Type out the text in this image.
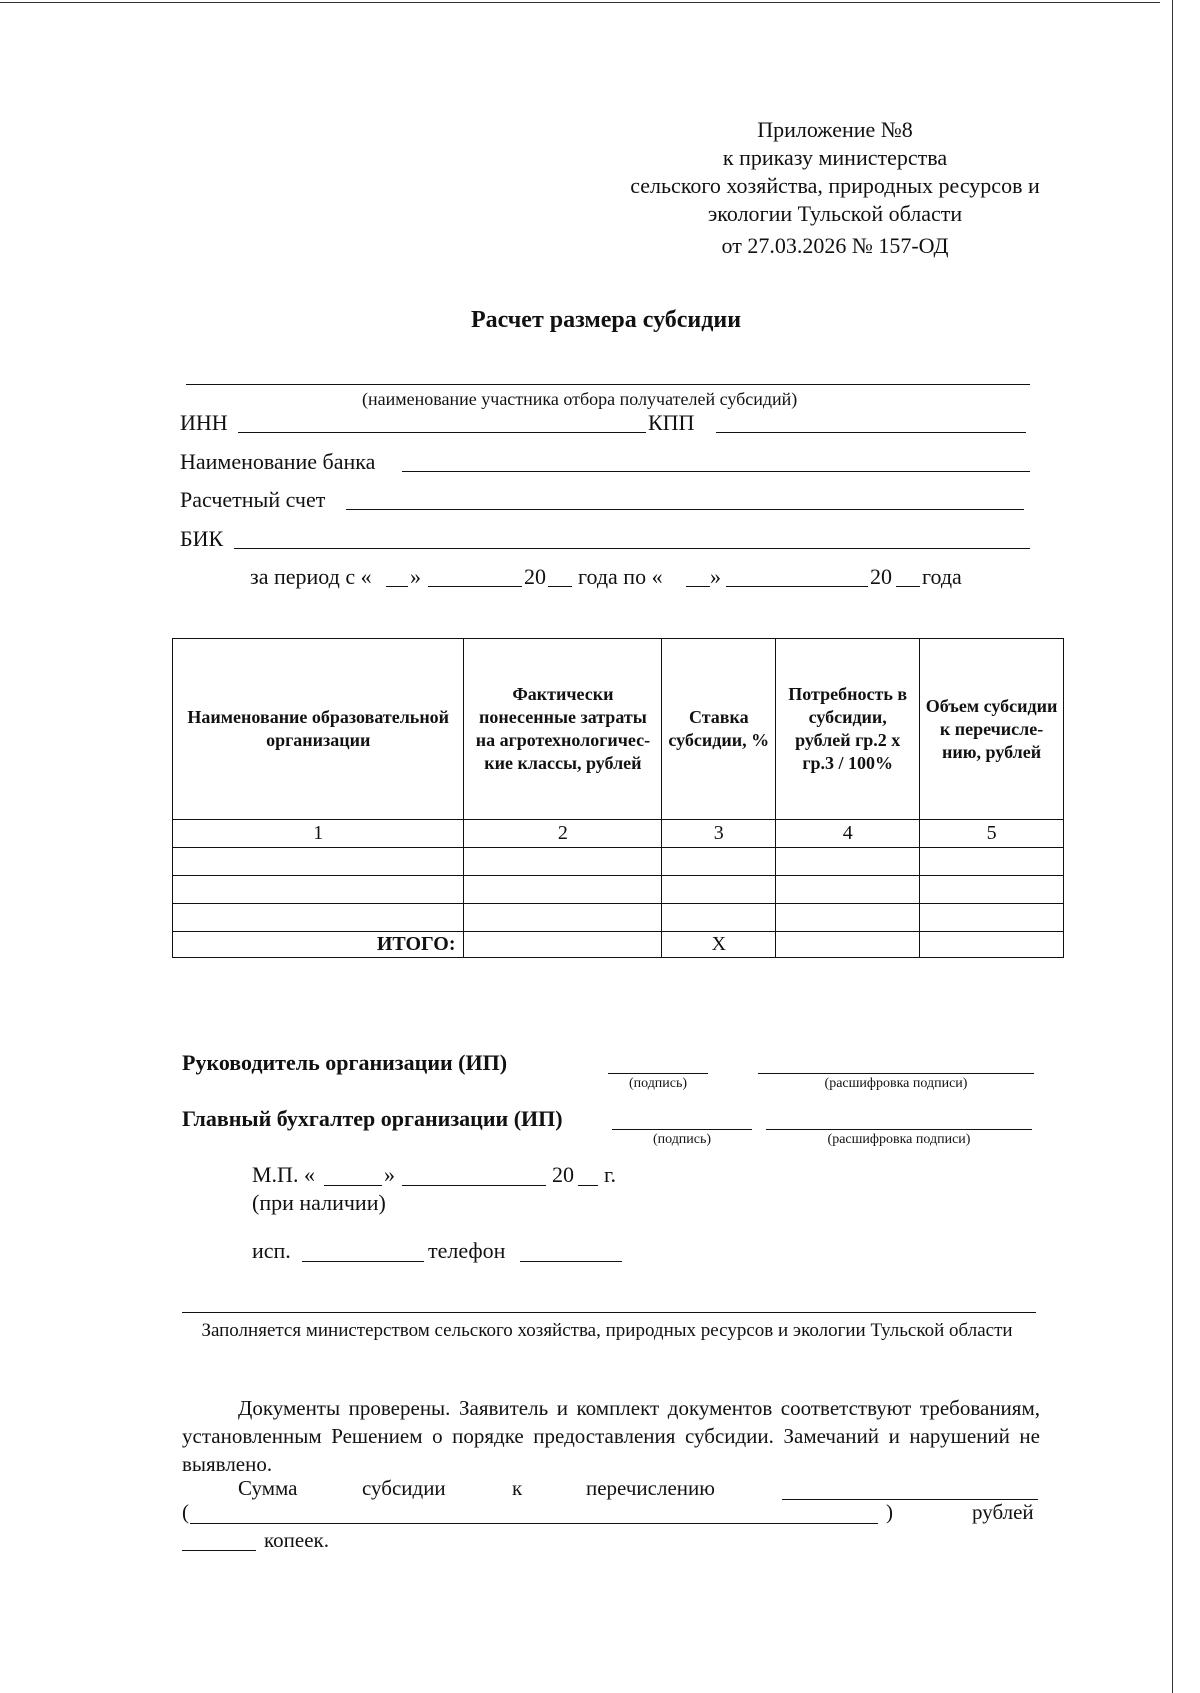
Приложение №8
к приказу министерства
сельского хозяйства, природных ресурсов и
экологии Тульской области
от 27.03.2026 № 157-ОД
Расчет размера субсидии
(наименование участника отбора получателей субсидий)
ИНН	КПП
Наименование банка
Расчетный счет
БИК
за период с « »	20 года по « »	20 года
Наименование образовательной организации	Фактически понесенные затраты на агротехнологичес-кие классы, рублей	Ставка субсидии, %	Потребность в субсидии, рублей гр.2 х гр.3 / 100%	Объем субсидии к перечисле-нию, рублей
1	2	3	4	5

ИТОГО:		Х		
Руководитель организации (ИП)
(подпись)	(расшифровка подписи)
Главный бухгалтер организации (ИП)
(подпись)	(расшифровка подписи)
М.П. «	»	20 г.
(при наличии)
исп.	телефон
Заполняется министерством сельского хозяйства, природных ресурсов и экологии Тульской области
Документы проверены. Заявитель и комплект документов соответствуют требованиям, установленным Решением о порядке предоставления субсидии. Замечаний и нарушений не выявлено.
Сумма	субсидии	к	перечислению
(	)	рублей
копеек.
